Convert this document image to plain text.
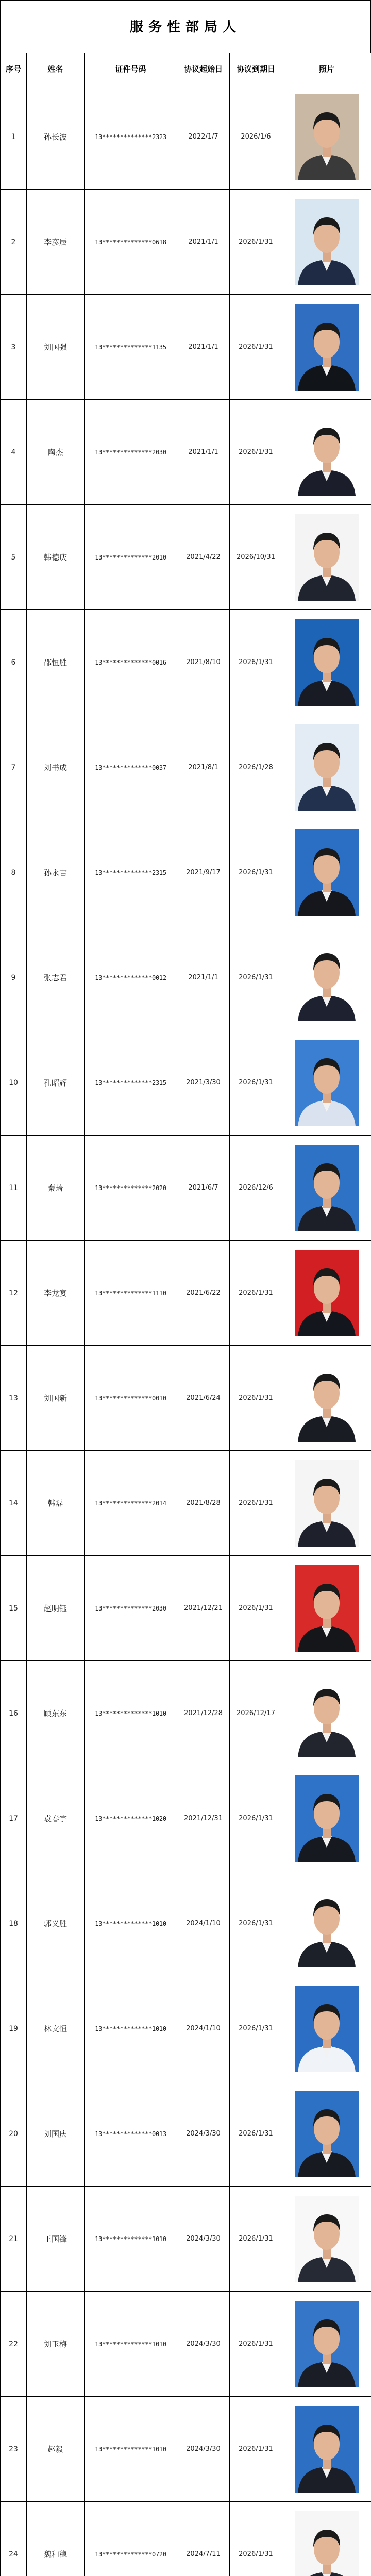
服务性部局人
序号	姓名	证件号码	协议起始日	协议到期日	照片
1	孙长波	13**************2323	2022/1/7	2026/1/6	

2	李彦辰	13**************0618	2021/1/1	2026/1/31	

3	刘国强	13**************1135	2021/1/1	2026/1/31	

4	陶杰	13**************2030	2021/1/1	2026/1/31	

5	韩德庆	13**************2010	2021/4/22	2026/10/31	

6	邵恒胜	13**************0016	2021/8/10	2026/1/31	

7	刘书成	13**************0037	2021/8/1	2026/1/28	

8	孙永吉	13**************2315	2021/9/17	2026/1/31	

9	张志君	13**************0012	2021/1/1	2026/1/31	

10	孔昭辉	13**************2315	2021/3/30	2026/1/31	

11	秦琦	13**************2020	2021/6/7	2026/12/6	

12	李龙宴	13**************1110	2021/6/22	2026/1/31	

13	刘国新	13**************0010	2021/6/24	2026/1/31	

14	韩磊	13**************2014	2021/8/28	2026/1/31	

15	赵明钰	13**************2030	2021/12/21	2026/1/31	

16	顾东东	13**************1010	2021/12/28	2026/12/17	

17	袁春宇	13**************1020	2021/12/31	2026/1/31	

18	郭义胜	13**************1010	2024/1/10	2026/1/31	

19	林文恒	13**************1010	2024/1/10	2026/1/31	

20	刘国庆	13**************0013	2024/3/30	2026/1/31	

21	王国锋	13**************1010	2024/3/30	2026/1/31	

22	刘玉梅	13**************1010	2024/3/30	2026/1/31	

23	赵毅	13**************1010	2024/3/30	2026/1/31	

24	魏和稳	13**************0720	2024/7/11	2026/1/31	
